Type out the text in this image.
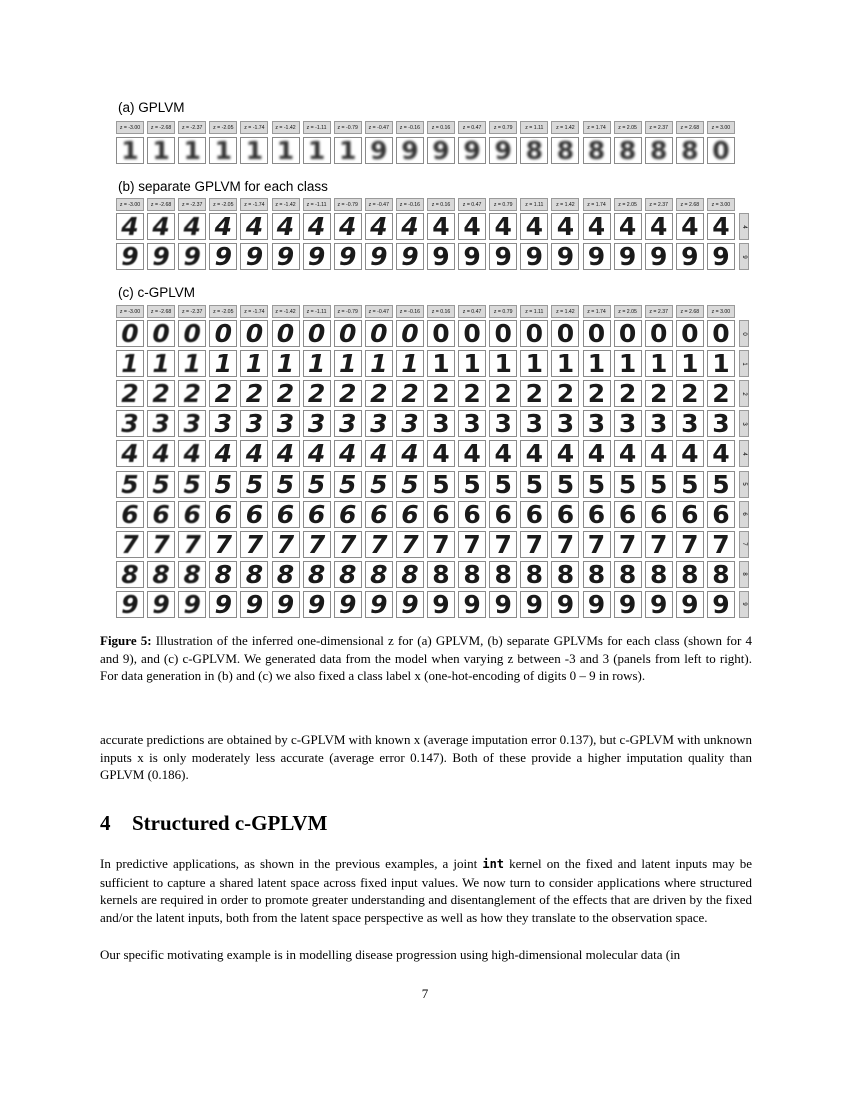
(a) GPLVM
z = -3.00	z = -2.68	z = -2.37	z = -2.05	z = -1.74	z = -1.42	z = -1.11	z = -0.79	z = -0.47	z = -0.16	z = 0.16	z = 0.47	z = 0.79	z = 1.11	z = 1.42	z = 1.74	z = 2.05	z = 2.37	z = 2.68	z = 3.00
1 1 1 1 1 1 1 1 9 9 9 9 9 8 8 8 8 8 8 0
(b) separate GPLVM for each class
z = -3.00	z = -2.68	z = -2.37	z = -2.05	z = -1.74	z = -1.42	z = -1.11	z = -0.79	z = -0.47	z = -0.16	z = 0.16	z = 0.47	z = 0.79	z = 1.11	z = 1.42	z = 1.74	z = 2.05	z = 2.37	z = 2.68	z = 3.00
4 4 4 4 4 4 4 4 4 4 4 4 4 4 4 4 4 4 4 4	4
9 9 9 9 9 9 9 9 9 9 9 9 9 9 9 9 9 9 9 9	9
(c) c-GPLVM
z = -3.00	z = -2.68	z = -2.37	z = -2.05	z = -1.74	z = -1.42	z = -1.11	z = -0.79	z = -0.47	z = -0.16	z = 0.16	z = 0.47	z = 0.79	z = 1.11	z = 1.42	z = 1.74	z = 2.05	z = 2.37	z = 2.68	z = 3.00
0 0 0 0 0 0 0 0 0 0 0 0 0 0 0 0 0 0 0 0	0
1 1 1 1 1 1 1 1 1 1 1 1 1 1 1 1 1 1 1 1	1
2 2 2 2 2 2 2 2 2 2 2 2 2 2 2 2 2 2 2 2	2
3 3 3 3 3 3 3 3 3 3 3 3 3 3 3 3 3 3 3 3	3
4 4 4 4 4 4 4 4 4 4 4 4 4 4 4 4 4 4 4 4	4
5 5 5 5 5 5 5 5 5 5 5 5 5 5 5 5 5 5 5 5	5
6 6 6 6 6 6 6 6 6 6 6 6 6 6 6 6 6 6 6 6	6
7 7 7 7 7 7 7 7 7 7 7 7 7 7 7 7 7 7 7 7	7
8 8 8 8 8 8 8 8 8 8 8 8 8 8 8 8 8 8 8 8	8
9 9 9 9 9 9 9 9 9 9 9 9 9 9 9 9 9 9 9 9	9
Figure 5: Illustration of the inferred one-dimensional z for (a) GPLVM, (b) separate GPLVMs for each class (shown for 4 and 9), and (c) c-GPLVM. We generated data from the model when varying z between -3 and 3 (panels from left to right). For data generation in (b) and (c) we also fixed a class label x (one-hot-encoding of digits 0 – 9 in rows).
accurate predictions are obtained by c-GPLVM with known x (average imputation error 0.137), but c-GPLVM with unknown inputs x is only moderately less accurate (average error 0.147). Both of these provide a higher imputation quality than GPLVM (0.186).
4 Structured c-GPLVM
In predictive applications, as shown in the previous examples, a joint int kernel on the fixed and latent inputs may be sufficient to capture a shared latent space across fixed input values. We now turn to consider applications where structured kernels are required in order to promote greater understanding and disentanglement of the effects that are driven by the fixed and/or the latent inputs, both from the latent space perspective as well as how they translate to the observation space.
Our specific motivating example is in modelling disease progression using high-dimensional molecular data (in
7
